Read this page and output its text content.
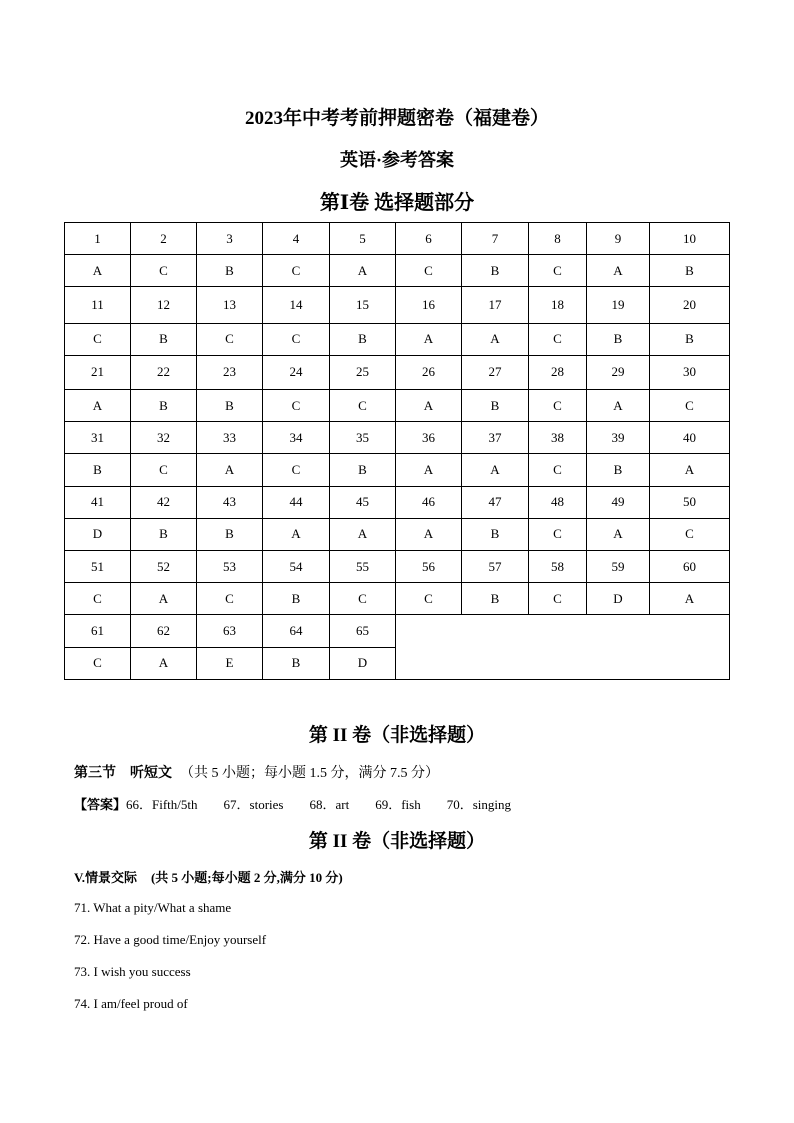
2023年中考考前押题密卷（福建卷）
英语·参考答案
第Ⅰ卷 选择题部分
1	2	3	4	5	6	7	8	9	10
A	C	B	C	A	C	B	C	A	B
11	12	13	14	15	16	17	18	19	20
C	B	C	C	B	A	A	C	B	B
21	22	23	24	25	26	27	28	29	30
A	B	B	C	C	A	B	C	A	C
31	32	33	34	35	36	37	38	39	40
B	C	A	C	B	A	A	C	B	A
41	42	43	44	45	46	47	48	49	50
D	B	B	A	A	A	B	C	A	C
51	52	53	54	55	56	57	58	59	60
C	A	C	B	C	C	B	C	D	A
61	62	63	64	65					
C	A	E	B	D					
第 II 卷（非选择题）
第三节 听短文 （共 5 小题；每小题 1.5 分，满分 7.5 分）
【答案】66．Fifth/5th 67．stories 68．art 69．fish 70．singing
第 II 卷（非选择题）
V.情景交际 (共 5 小题;每小题 2 分,满分 10 分)
71. What a pity/What a shame
72. Have a good time/Enjoy yourself
73. I wish you success
74. I am/feel proud of
